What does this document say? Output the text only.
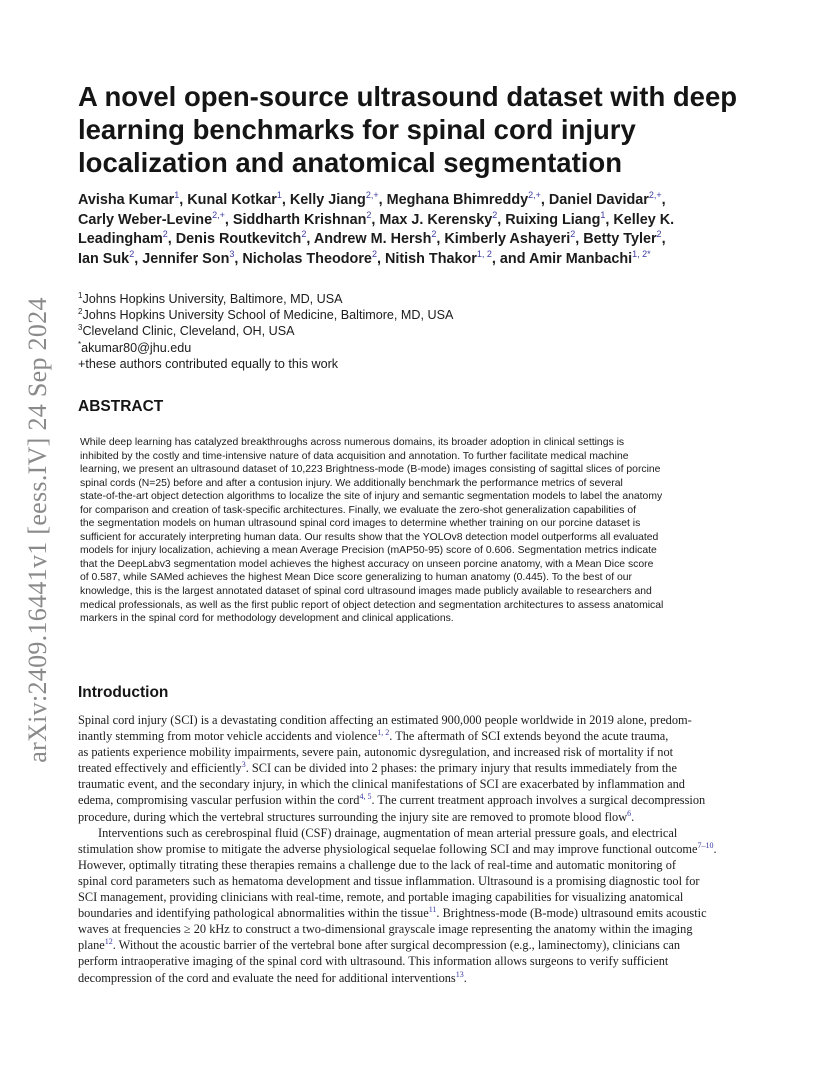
arXiv:2409.16441v1 [eess.IV] 24 Sep 2024
A novel open-source ultrasound dataset with deep
learning benchmarks for spinal cord injury
localization and anatomical segmentation
Avisha Kumar$^1$, Kunal Kotkar$^1$, Kelly Jiang$^{2,+}$, Meghana Bhimreddy$^{2,+}$, Daniel Davidar$^{2,+}$,
Carly Weber-Levine$^{2,+}$, Siddharth Krishnan$^2$, Max J. Kerensky$^2$, Ruixing Liang$^1$, Kelley K.
Leadingham$^2$, Denis Routkevitch$^2$, Andrew M. Hersh$^2$, Kimberly Ashayeri$^2$, Betty Tyler$^2$,
Ian Suk$^2$, Jennifer Son$^3$, Nicholas Theodore$^2$, Nitish Thakor$^{1, 2}$, and Amir Manbachi$^{1, 2*}$
$^1$Johns Hopkins University, Baltimore, MD, USA
$^2$Johns Hopkins University School of Medicine, Baltimore, MD, USA
$^3$Cleveland Clinic, Cleveland, OH, USA
*akumar80@jhu.edu
+these authors contributed equally to this work
ABSTRACT
While deep learning has catalyzed breakthroughs across numerous domains, its broader adoption in clinical settings is
inhibited by the costly and time-intensive nature of data acquisition and annotation. To further facilitate medical machine
learning, we present an ultrasound dataset of 10,223 Brightness-mode (B-mode) images consisting of sagittal slices of porcine
spinal cords (N=25) before and after a contusion injury. We additionally benchmark the performance metrics of several
state-of-the-art object detection algorithms to localize the site of injury and semantic segmentation models to label the anatomy
for comparison and creation of task-specific architectures. Finally, we evaluate the zero-shot generalization capabilities of
the segmentation models on human ultrasound spinal cord images to determine whether training on our porcine dataset is
sufficient for accurately interpreting human data. Our results show that the YOLOv8 detection model outperforms all evaluated
models for injury localization, achieving a mean Average Precision (mAP50-95) score of 0.606. Segmentation metrics indicate
that the DeepLabv3 segmentation model achieves the highest accuracy on unseen porcine anatomy, with a Mean Dice score
of 0.587, while SAMed achieves the highest Mean Dice score generalizing to human anatomy (0.445). To the best of our
knowledge, this is the largest annotated dataset of spinal cord ultrasound images made publicly available to researchers and
medical professionals, as well as the first public report of object detection and segmentation architectures to assess anatomical
markers in the spinal cord for methodology development and clinical applications.
Introduction
Spinal cord injury (SCI) is a devastating condition affecting an estimated 900,000 people worldwide in 2019 alone, predom-
inantly stemming from motor vehicle accidents and violence$^{1, 2}$. The aftermath of SCI extends beyond the acute trauma,
as patients experience mobility impairments, severe pain, autonomic dysregulation, and increased risk of mortality if not
treated effectively and efficiently$^3$. SCI can be divided into 2 phases: the primary injury that results immediately from the
traumatic event, and the secondary injury, in which the clinical manifestations of SCI are exacerbated by inflammation and
edema, compromising vascular perfusion within the cord$^{4, 5}$. The current treatment approach involves a surgical decompression
procedure, during which the vertebral structures surrounding the injury site are removed to promote blood flow$^6$.
Interventions such as cerebrospinal fluid (CSF) drainage, augmentation of mean arterial pressure goals, and electrical
stimulation show promise to mitigate the adverse physiological sequelae following SCI and may improve functional outcome$^{7-10}$.
However, optimally titrating these therapies remains a challenge due to the lack of real-time and automatic monitoring of
spinal cord parameters such as hematoma development and tissue inflammation. Ultrasound is a promising diagnostic tool for
SCI management, providing clinicians with real-time, remote, and portable imaging capabilities for visualizing anatomical
boundaries and identifying pathological abnormalities within the tissue$^{11}$. Brightness-mode (B-mode) ultrasound emits acoustic
waves at frequencies ≥ 20 kHz to construct a two-dimensional grayscale image representing the anatomy within the imaging
plane$^{12}$. Without the acoustic barrier of the vertebral bone after surgical decompression (e.g., laminectomy), clinicians can
perform intraoperative imaging of the spinal cord with ultrasound. This information allows surgeons to verify sufficient
decompression of the cord and evaluate the need for additional interventions$^{13}$.
